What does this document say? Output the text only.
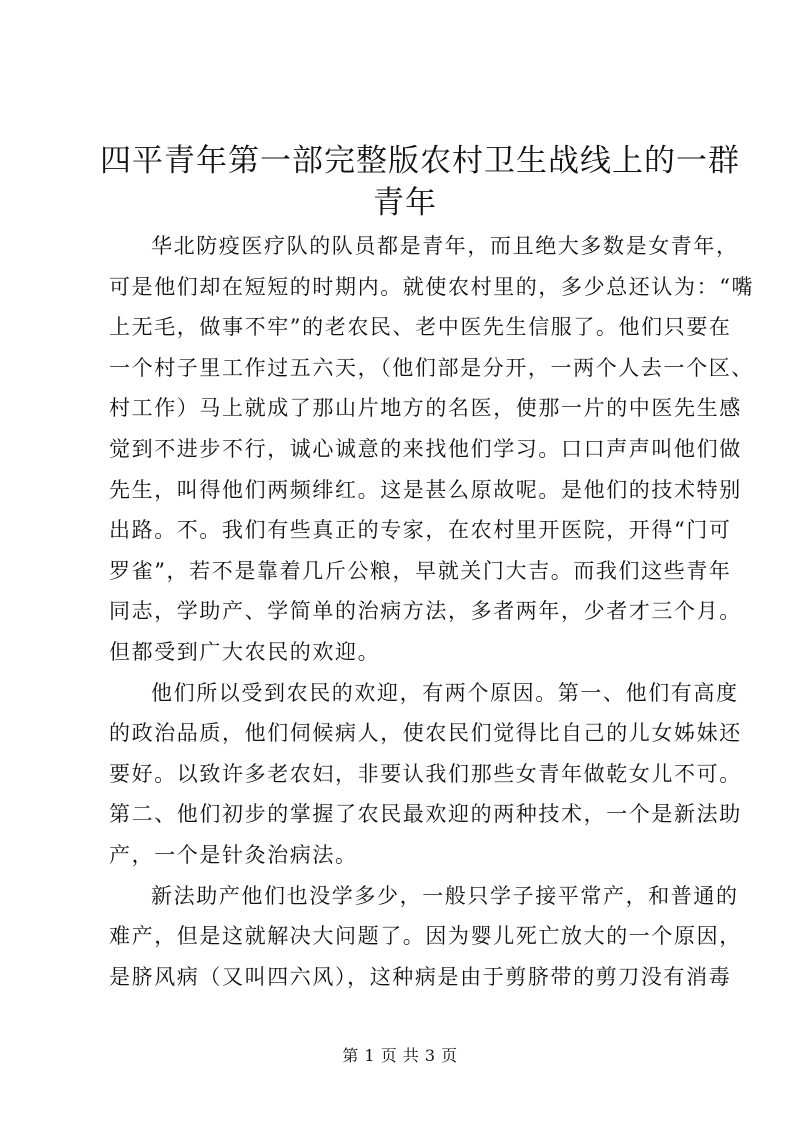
四平青年第一部完整版农村卫生战线上的一群
青年
华北防疫医疗队的队员都是青年，而且绝大多数是女青年，
可是他们却在短短的时期内。就使农村里的，多少总还认为：“嘴
上无毛，做事不牢”的老农民、老中医先生信服了。他们只要在
一个村子里工作过五六天，（他们部是分开，一两个人去一个区、
村工作）马上就成了那山片地方的名医，使那一片的中医先生感
觉到不进步不行，诚心诚意的来找他们学习。口口声声叫他们做
先生，叫得他们两频绯红。这是甚么原故呢。是他们的技术特别
出路。不。我们有些真正的专家，在农村里开医院，开得“门可
罗雀”，若不是靠着几斤公粮，早就关门大吉。而我们这些青年
同志，学助产、学简单的治病方法，多者两年，少者才三个月。
但都受到广大农民的欢迎。
他们所以受到农民的欢迎，有两个原因。第一、他们有高度
的政治品质，他们伺候病人，使农民们觉得比自己的儿女姊妹还
要好。以致许多老农妇，非要认我们那些女青年做乾女儿不可。
第二、他们初步的掌握了农民最欢迎的两种技术，一个是新法助
产，一个是针灸治病法。
新法助产他们也没学多少，一般只学子接平常产，和普通的
难产，但是这就解决大问题了。因为婴儿死亡放大的一个原因，
是脐风病（又叫四六风），这种病是由于剪脐带的剪刀没有消毒
第 1 页 共 3 页
